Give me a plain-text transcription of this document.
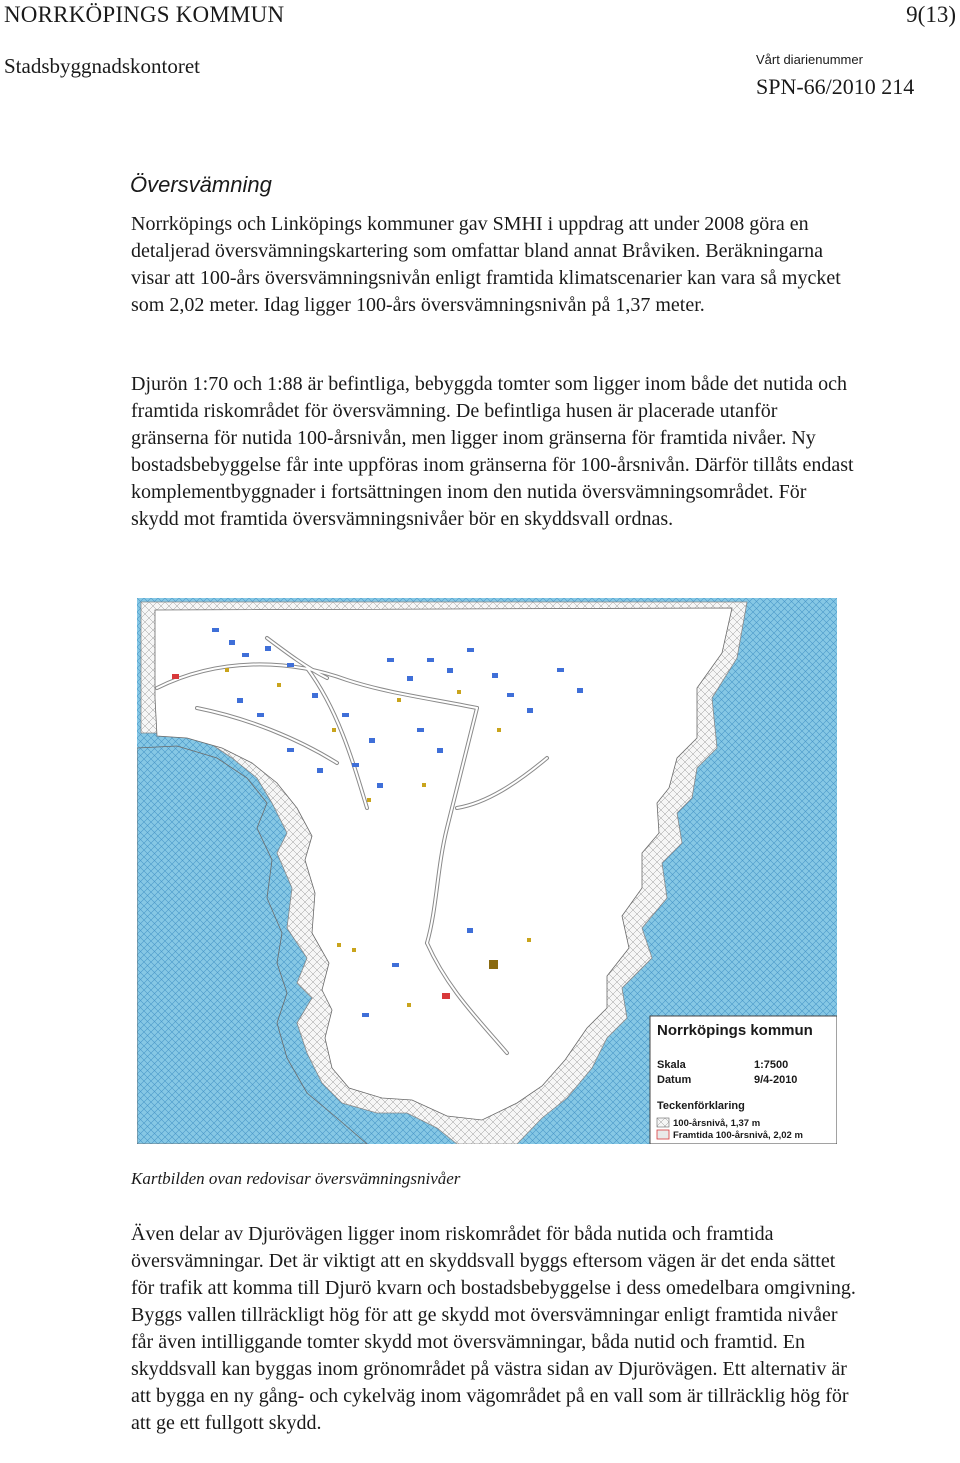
NORRKÖPINGS KOMMUN	9(13)
Stadsbyggnadskontoret	Vårt diarienummer
SPN-66/2010 214
Översvämning

Norrköpings och Linköpings kommuner gav SMHI i uppdrag att under 2008 göra en detaljerad översvämningskartering som omfattar bland annat Bråviken. Beräkningarna visar att 100-års översvämningsnivån enligt framtida klimatscenarier kan vara så mycket som 2,02 meter. Idag ligger 100-års översvämningsnivån på 1,37 meter.

Djurön 1:70 och 1:88 är befintliga, bebyggda tomter som ligger inom både det nutida och framtida riskområdet för översvämning. De befintliga husen är placerade utanför gränserna för nutida 100-årsnivån, men ligger inom gränserna för framtida nivåer. Ny bostadsbebyggelse får inte uppföras inom gränserna för 100-årsnivån. Därför tillåts endast komplementbyggnader i fortsättningen inom den nutida översvämningsområdet. För skydd mot framtida översvämningsnivåer bör en skyddsvall ordnas.

Norrköpings kommun
Skala	1:7500
Datum	9/4-2010
Teckenförklaring
100-årsnivå, 1,37 m
Framtida 100-årsnivå, 2,02 m
Kartbilden ovan redovisar översvämningsnivåer

Även delar av Djurövägen ligger inom riskområdet för båda nutida och framtida översvämningar. Det är viktigt att en skyddsvall byggs eftersom vägen är det enda sättet för trafik att komma till Djurö kvarn och bostadsbebyggelse i dess omedelbara omgivning. Byggs vallen tillräckligt hög för att ge skydd mot översvämningar enligt framtida nivåer får även intilliggande tomter skydd mot översvämningar, båda nutid och framtid. En skyddsvall kan byggas inom grönområdet på västra sidan av Djurövägen. Ett alternativ är att bygga en ny gång- och cykelväg inom vägområdet på en vall som är tillräcklig hög för att ge ett fullgott skydd.
